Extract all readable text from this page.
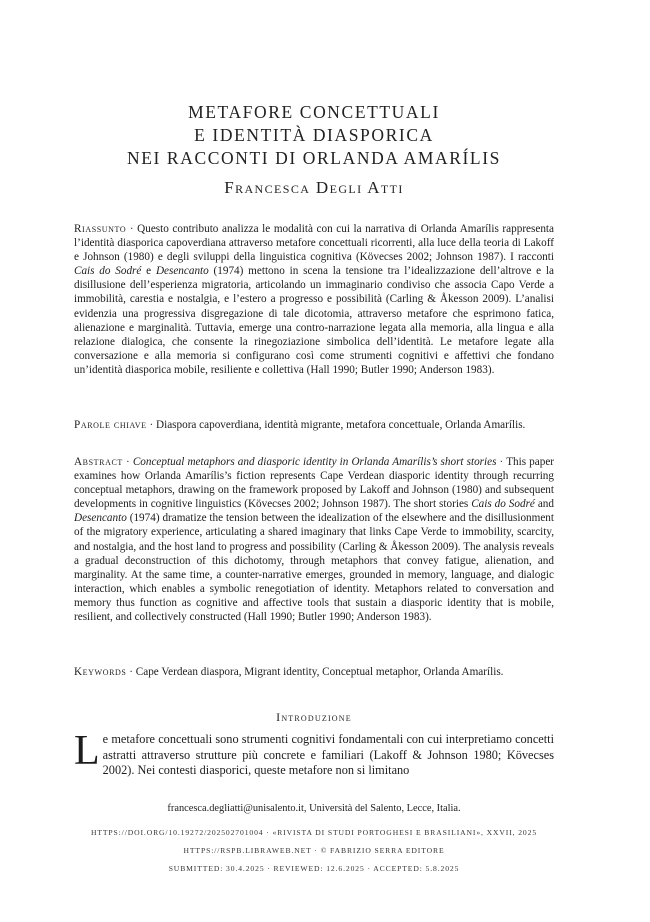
METAFORE CONCETTUALI
E IDENTITÀ DIASPORICA
NEI RACCONTI DI ORLANDA AMARÍLIS
Francesca Degli Atti
Riassunto · Questo contributo analizza le modalità con cui la narrativa di Orlanda Amarílis rappresenta l’identità diasporica capoverdiana attraverso metafore concettuali ricorrenti, alla luce della teoria di Lakoff e Johnson (1980) e degli sviluppi della linguistica cognitiva (Kövecses 2002; Johnson 1987). I racconti Cais do Sodré e Desencanto (1974) mettono in scena la tensione tra l’idealizzazione dell’altrove e la disillusione dell’esperienza migratoria, articolando un immaginario condiviso che associa Capo Verde a immobilità, carestia e nostalgia, e l’estero a progresso e possibilità (Carling & Åkesson 2009). L’analisi evidenzia una progressiva disgregazione di tale dicotomia, attraverso metafore che esprimono fatica, alienazione e marginalità. Tuttavia, emerge una contro-narrazione legata alla memoria, alla lingua e alla relazione dialogica, che consente la rinegoziazione simbolica dell’identità. Le metafore legate alla conversazione e alla memoria si configurano così come strumenti cognitivi e affettivi che fondano un’identità diasporica mobile, resiliente e collettiva (Hall 1990; Butler 1990; Anderson 1983).
Parole chiave · Diaspora capoverdiana, identità migrante, metafora concettuale, Orlanda Amarílis.
Abstract · Conceptual metaphors and diasporic identity in Orlanda Amarílis’s short stories · This paper examines how Orlanda Amarílis’s fiction represents Cape Verdean diasporic identity through recurring conceptual metaphors, drawing on the framework proposed by Lakoff and Johnson (1980) and subsequent developments in cognitive linguistics (Kövecses 2002; Johnson 1987). The short stories Cais do Sodré and Desencanto (1974) dramatize the tension between the idealization of the elsewhere and the disillusionment of the migratory experience, articulating a shared imaginary that links Cape Verde to immobility, scarcity, and nostalgia, and the host land to progress and possibility (Carling & Åkesson 2009). The analysis reveals a gradual deconstruction of this dichotomy, through metaphors that convey fatigue, alienation, and marginality. At the same time, a counter-narrative emerges, grounded in memory, language, and dialogic interaction, which enables a symbolic renegotiation of identity. Metaphors related to conversation and memory thus function as cognitive and affective tools that sustain a diasporic identity that is mobile, resilient, and collectively constructed (Hall 1990; Butler 1990; Anderson 1983).
Keywords · Cape Verdean diaspora, Migrant identity, Conceptual metaphor, Orlanda Amarílis.
Introduzione
Le metafore concettuali sono strumenti cognitivi fondamentali con cui interpretiamo concetti astratti attraverso strutture più concrete e familiari (Lakoff & Johnson 1980; Kövecses 2002). Nei contesti diasporici, queste metafore non si limitano
francesca.degliatti@unisalento.it, Università del Salento, Lecce, Italia.
HTTPS://DOI.ORG/10.19272/202502701004 · «RIVISTA DI STUDI PORTOGHESI E BRASILIANI», XXVII, 2025
HTTPS://RSPB.LIBRAWEB.NET · © FABRIZIO SERRA EDITORE
SUBMITTED: 30.4.2025 · REVIEWED: 12.6.2025 · ACCEPTED: 5.8.2025
